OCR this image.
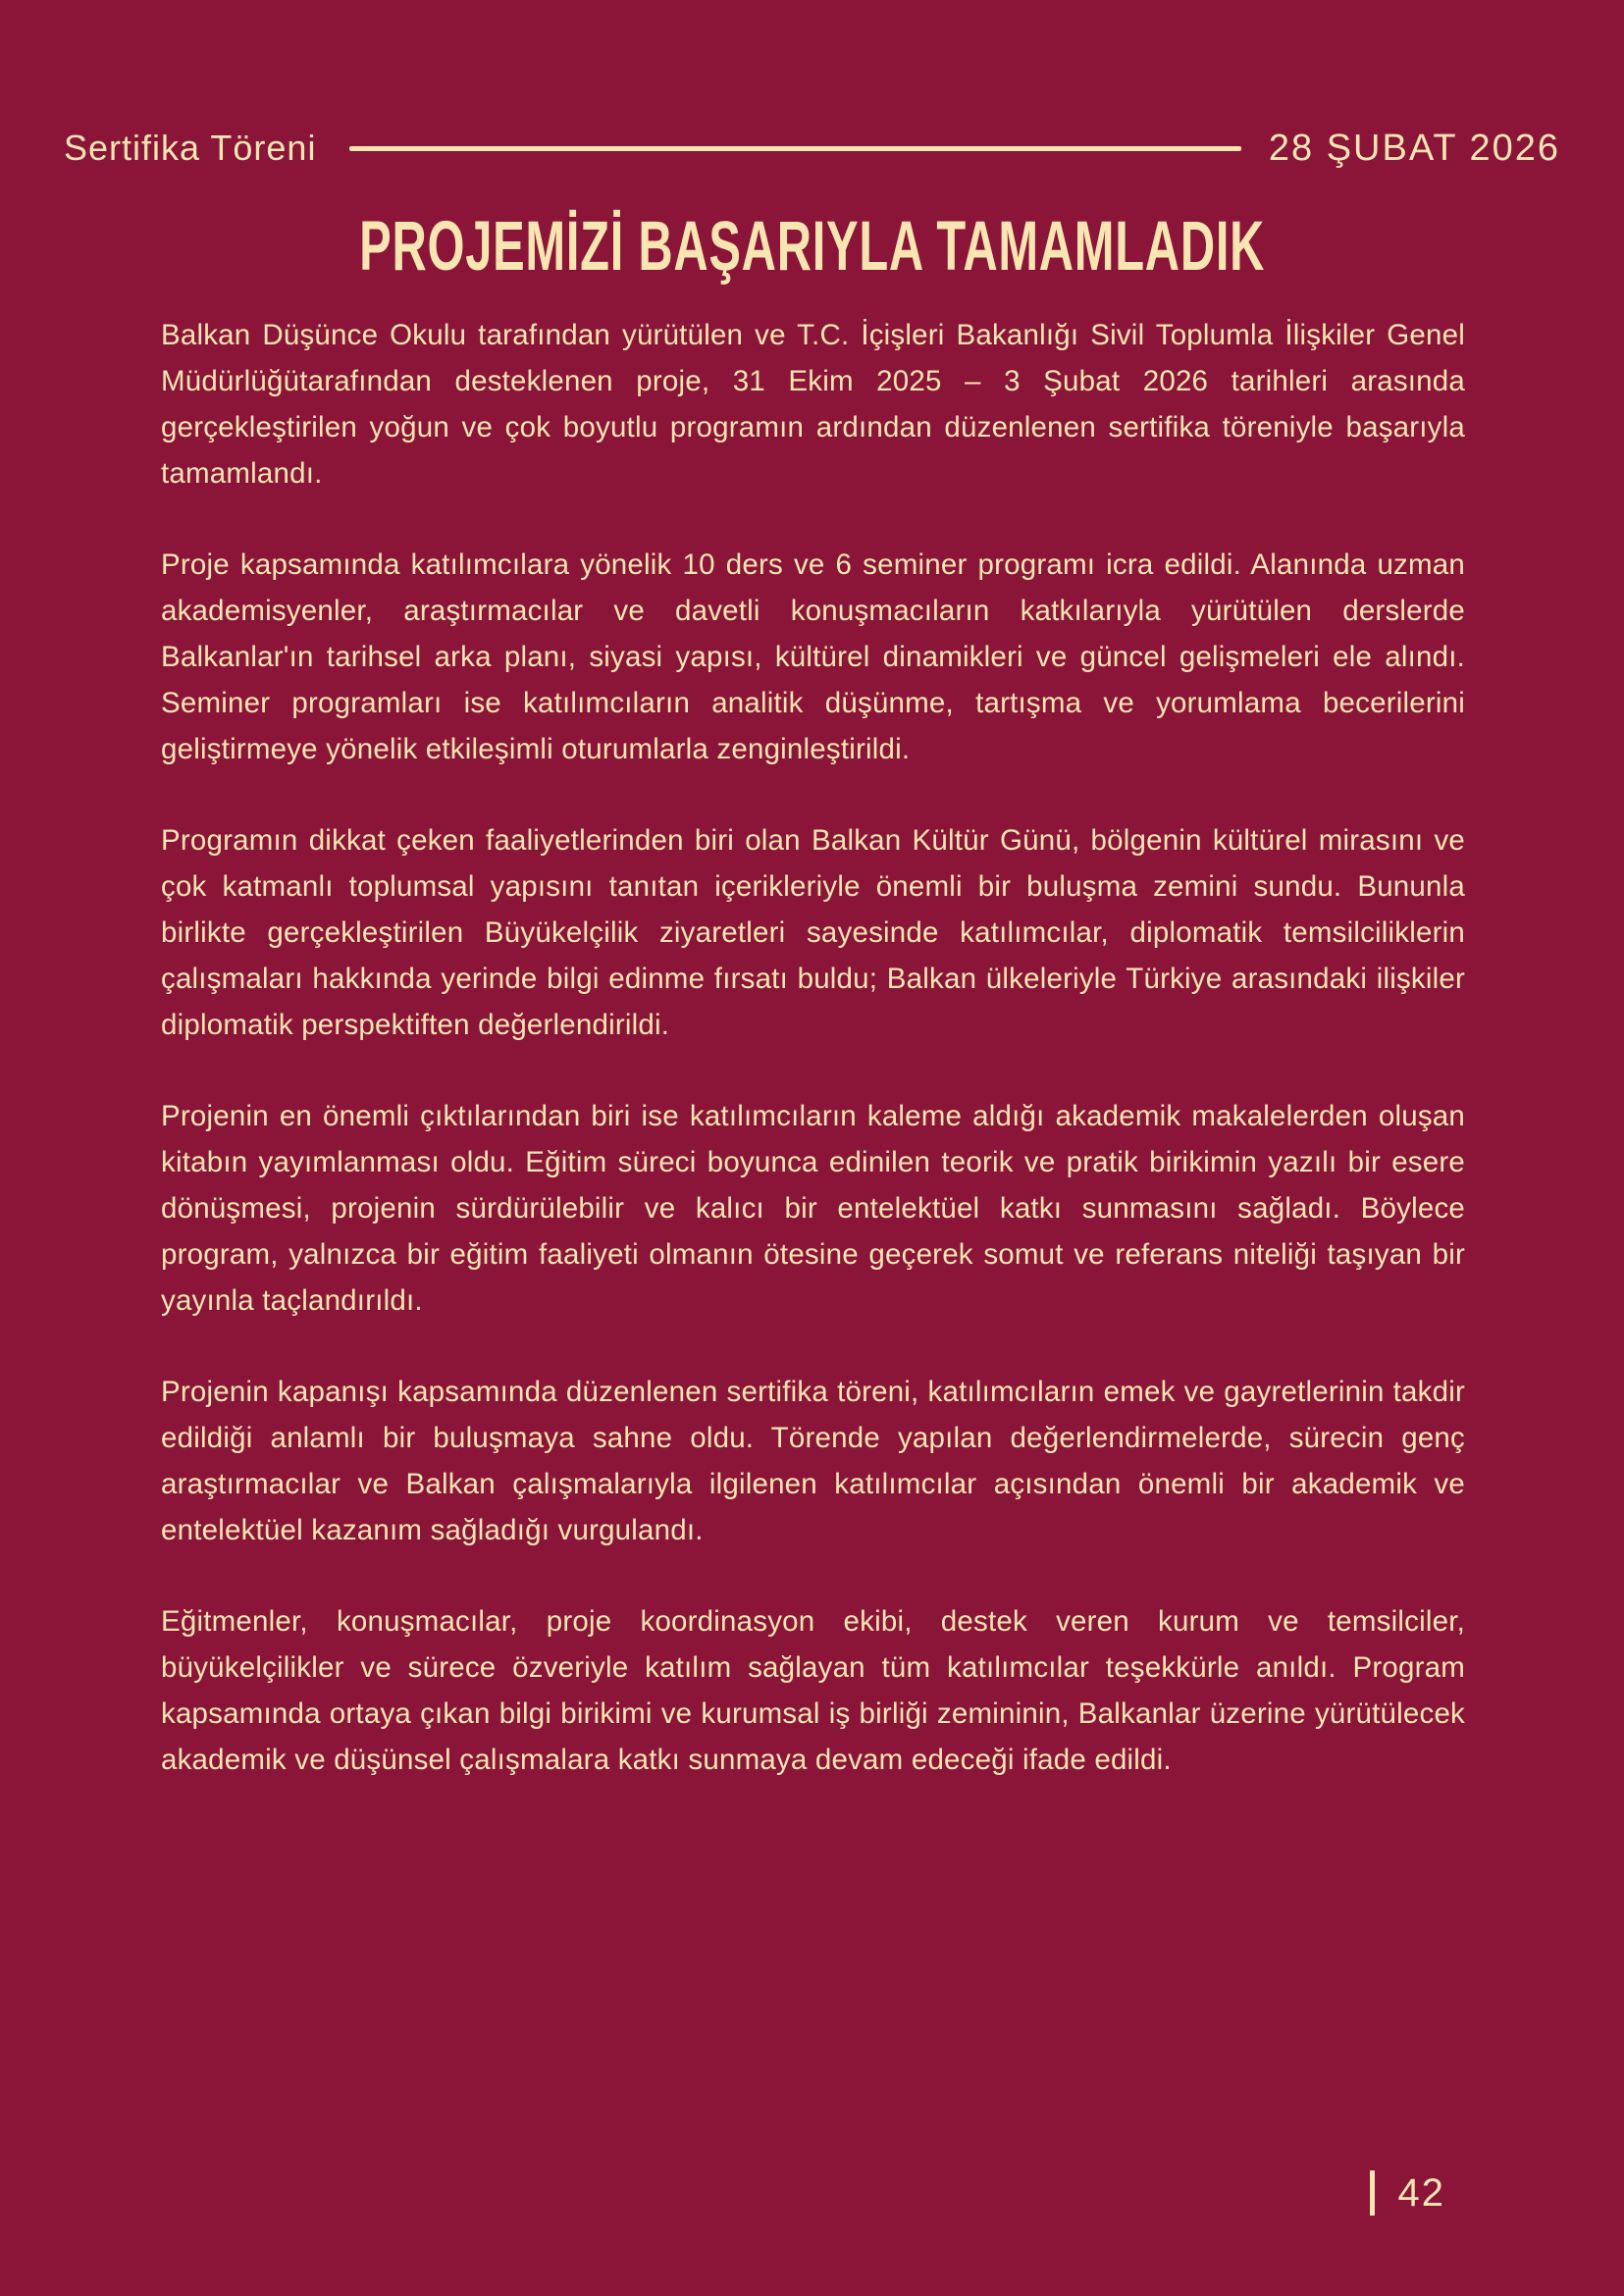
Sertifika Töreni	28 ŞUBAT 2026
PROJEMİZİ BAŞARIYLA TAMAMLADIK

Balkan Düşünce Okulu tarafından yürütülen ve T.C. İçişleri Bakanlığı Sivil Toplumla İlişkiler Genel Müdürlüğütarafından desteklenen proje, 31 Ekim 2025 – 3 Şubat 2026 tarihleri arasında gerçekleştirilen yoğun ve çok boyutlu programın ardından düzenlenen sertifika töreniyle başarıyla tamamlandı.

Proje kapsamında katılımcılara yönelik 10 ders ve 6 seminer programı icra edildi. Alanında uzman akademisyenler, araştırmacılar ve davetli konuşmacıların katkılarıyla yürütülen derslerde Balkanlar'ın tarihsel arka planı, siyasi yapısı, kültürel dinamikleri ve güncel gelişmeleri ele alındı. Seminer programları ise katılımcıların analitik düşünme, tartışma ve yorumlama becerilerini geliştirmeye yönelik etkileşimli oturumlarla zenginleştirildi.

Programın dikkat çeken faaliyetlerinden biri olan Balkan Kültür Günü, bölgenin kültürel mirasını ve çok katmanlı toplumsal yapısını tanıtan içerikleriyle önemli bir buluşma zemini sundu. Bununla birlikte gerçekleştirilen Büyükelçilik ziyaretleri sayesinde katılımcılar, diplomatik temsilciliklerin çalışmaları hakkında yerinde bilgi edinme fırsatı buldu; Balkan ülkeleriyle Türkiye arasındaki ilişkiler diplomatik perspektiften değerlendirildi.

Projenin en önemli çıktılarından biri ise katılımcıların kaleme aldığı akademik makalelerden oluşan kitabın yayımlanması oldu. Eğitim süreci boyunca edinilen teorik ve pratik birikimin yazılı bir esere dönüşmesi, projenin sürdürülebilir ve kalıcı bir entelektüel katkı sunmasını sağladı. Böylece program, yalnızca bir eğitim faaliyeti olmanın ötesine geçerek somut ve referans niteliği taşıyan bir yayınla taçlandırıldı.

Projenin kapanışı kapsamında düzenlenen sertifika töreni, katılımcıların emek ve gayretlerinin takdir edildiği anlamlı bir buluşmaya sahne oldu. Törende yapılan değerlendirmelerde, sürecin genç araştırmacılar ve Balkan çalışmalarıyla ilgilenen katılımcılar açısından önemli bir akademik ve entelektüel kazanım sağladığı vurgulandı.

Eğitmenler, konuşmacılar, proje koordinasyon ekibi, destek veren kurum ve temsilciler, büyükelçilikler ve sürece özveriyle katılım sağlayan tüm katılımcılar teşekkürle anıldı. Program kapsamında ortaya çıkan bilgi birikimi ve kurumsal iş birliği zemininin, Balkanlar üzerine yürütülecek akademik ve düşünsel çalışmalara katkı sunmaya devam edeceği ifade edildi.

42
